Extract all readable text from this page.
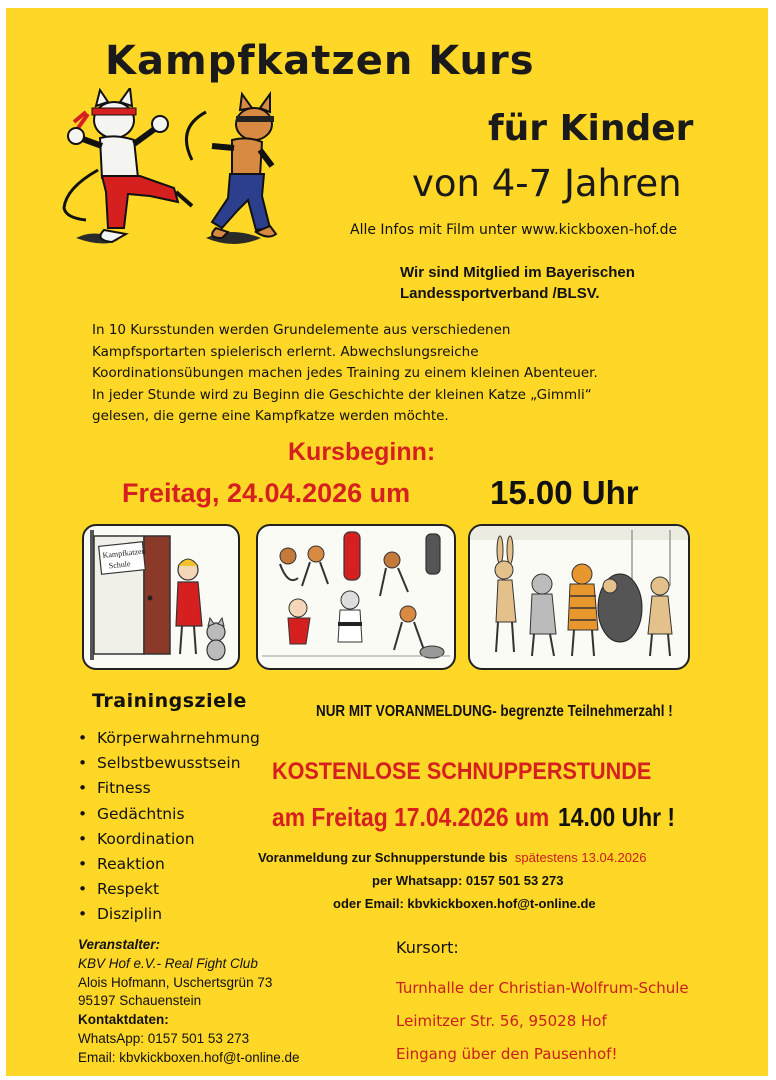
Kampfkatzen Kurs
für Kinder
von 4-7 Jahren
Alle Infos mit Film unter www.kickboxen-hof.de
Wir sind Mitglied im Bayerischen
Landessportverband /BLSV.
In 10 Kursstunden werden Grundelemente aus verschiedenen
Kampfsportarten spielerisch erlernt. Abwechslungsreiche
Koordinationsübungen machen jedes Training zu einem kleinen Abenteuer.
In jeder Stunde wird zu Beginn die Geschichte der kleinen Katze „Gimmli“
gelesen, die gerne eine Kampfkatze werden möchte.
Kursbeginn:
Freitag, 24.04.2026 um 15.00 Uhr
Kampfkatzen
Schule
Trainingsziele
•  Körperwahrnehmung
•  Selbstbewusstsein
•  Fitness
•  Gedächtnis
•  Koordination
•  Reaktion
•  Respekt
•  Disziplin
NUR MIT VORANMELDUNG- begrenzte Teilnehmerzahl !
KOSTENLOSE SCHNUPPERSTUNDE
am Freitag 17.04.2026 um 14.00 Uhr !
Voranmeldung zur Schnupperstunde bis spätestens 13.04.2026
per Whatsapp: 0157 501 53 273
oder Email: kbvkickboxen.hof@t-online.de
Veranstalter:
KBV Hof e.V.- Real Fight Club
Alois Hofmann, Uschertsgrün 73
95197 Schauenstein
Kontaktdaten:
WhatsApp: 0157 501 53 273
Email: kbvkickboxen.hof@t-online.de
Kursort:
Turnhalle der Christian-Wolfrum-Schule
Leimitzer Str. 56, 95028 Hof
Eingang über den Pausenhof!
